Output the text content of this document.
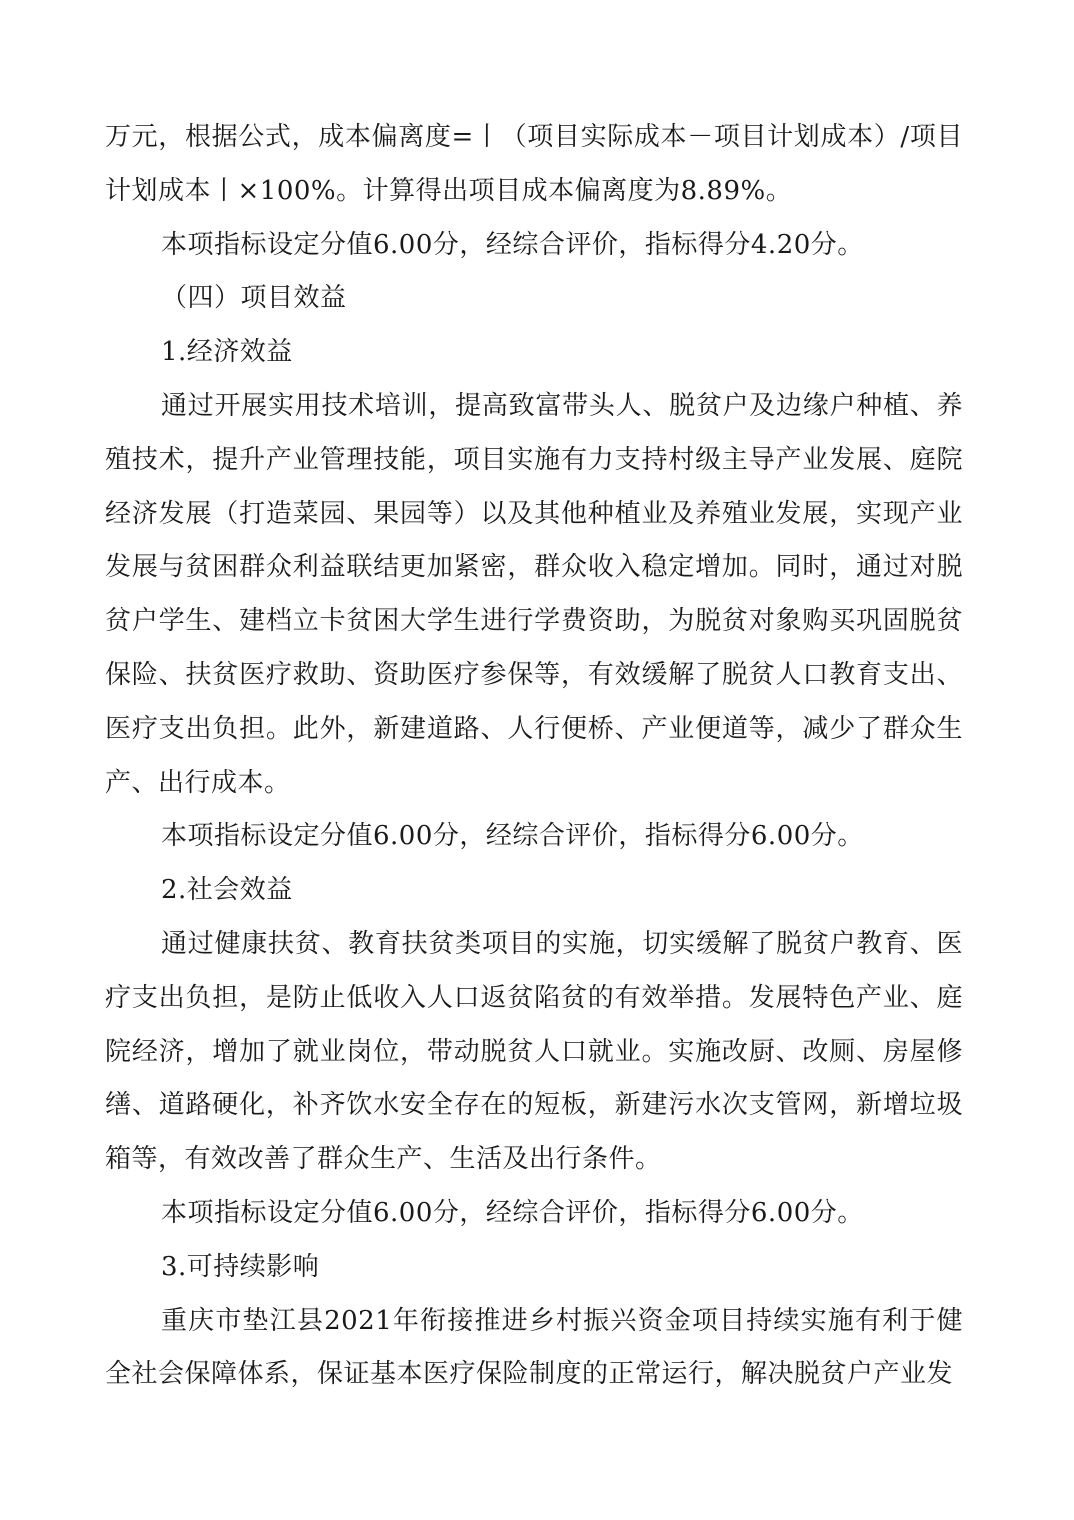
万元，根据公式，成本偏离度=丨（项目实际成本－项目计划成本）/项目计划成本丨×100%。计算得出项目成本偏离度为8.89%。

本项指标设定分值6.00分，经综合评价，指标得分4.20分。

（四）项目效益

1.经济效益

通过开展实用技术培训，提高致富带头人、脱贫户及边缘户种植、养殖技术，提升产业管理技能，项目实施有力支持村级主导产业发展、庭院经济发展（打造菜园、果园等）以及其他种植业及养殖业发展，实现产业发展与贫困群众利益联结更加紧密，群众收入稳定增加。同时，通过对脱贫户学生、建档立卡贫困大学生进行学费资助，为脱贫对象购买巩固脱贫保险、扶贫医疗救助、资助医疗参保等，有效缓解了脱贫人口教育支出、医疗支出负担。此外，新建道路、人行便桥、产业便道等，减少了群众生产、出行成本。

本项指标设定分值6.00分，经综合评价，指标得分6.00分。

2.社会效益

通过健康扶贫、教育扶贫类项目的实施，切实缓解了脱贫户教育、医疗支出负担，是防止低收入人口返贫陷贫的有效举措。发展特色产业、庭院经济，增加了就业岗位，带动脱贫人口就业。实施改厨、改厕、房屋修缮、道路硬化，补齐饮水安全存在的短板，新建污水次支管网，新增垃圾箱等，有效改善了群众生产、生活及出行条件。

本项指标设定分值6.00分，经综合评价，指标得分6.00分。

3.可持续影响

重庆市垫江县2021年衔接推进乡村振兴资金项目持续实施有利于健全社会保障体系，保证基本医疗保险制度的正常运行，解决脱贫户产业发
